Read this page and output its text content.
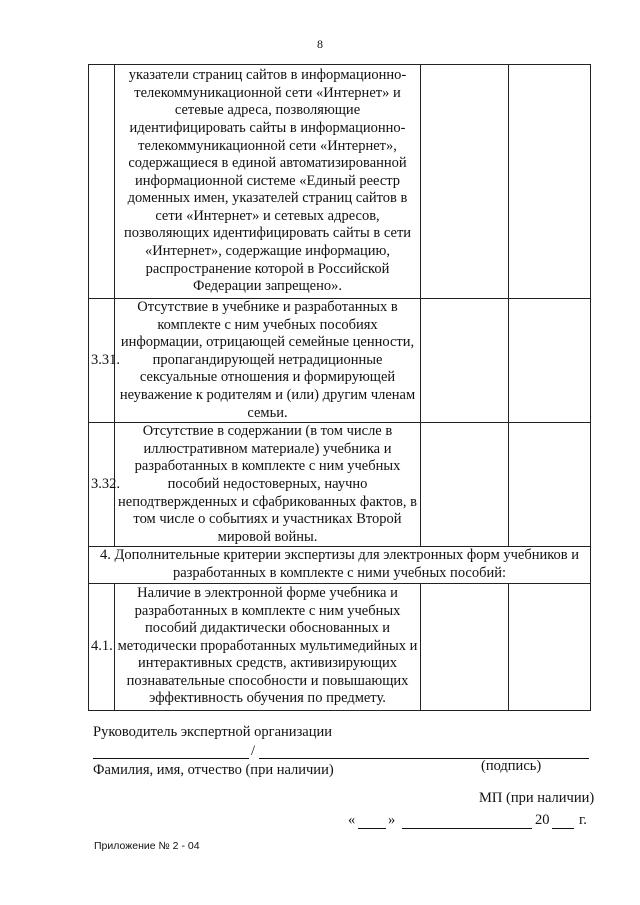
8
	указатели страниц сайтов в информационно-телекоммуникационной сети «Интернет» и сетевые адреса, позволяющие идентифицировать сайты в информационно-телекоммуникационной сети «Интернет», содержащиеся в единой автоматизированной информационной системе «Единый реестр доменных имен, указателей страниц сайтов в сети «Интернет» и сетевых адресов, позволяющих идентифицировать сайты в сети «Интернет», содержащие информацию, распространение которой в Российской Федерации запрещено».		
3.31.	Отсутствие в учебнике и разработанных в комплекте с ним учебных пособиях информации, отрицающей семейные ценности, пропагандирующей нетрадиционные сексуальные отношения и формирующей неуважение к родителям и (или) другим членам семьи.		
3.32.	Отсутствие в содержании (в том числе в иллюстративном материале) учебника и разработанных в комплекте с ним учебных пособий недостоверных, научно неподтвержденных и сфабрикованных фактов, в том числе о событиях и участниках Второй мировой войны.		
4. Дополнительные критерии экспертизы для электронных форм учебников и разработанных в комплекте с ними учебных пособий:			
4.1.	Наличие в электронной форме учебника и разработанных в комплекте с ним учебных пособий дидактически обоснованных и методически проработанных мультимедийных и интерактивных средств, активизирующих познавательные способности и повышающих эффективность обучения по предмету.		
Руководитель экспертной организации
/
Фамилия, имя, отчество (при наличии)	(подпись)
МП (при наличии)
« »	20 г.
Приложение № 2 - 04
